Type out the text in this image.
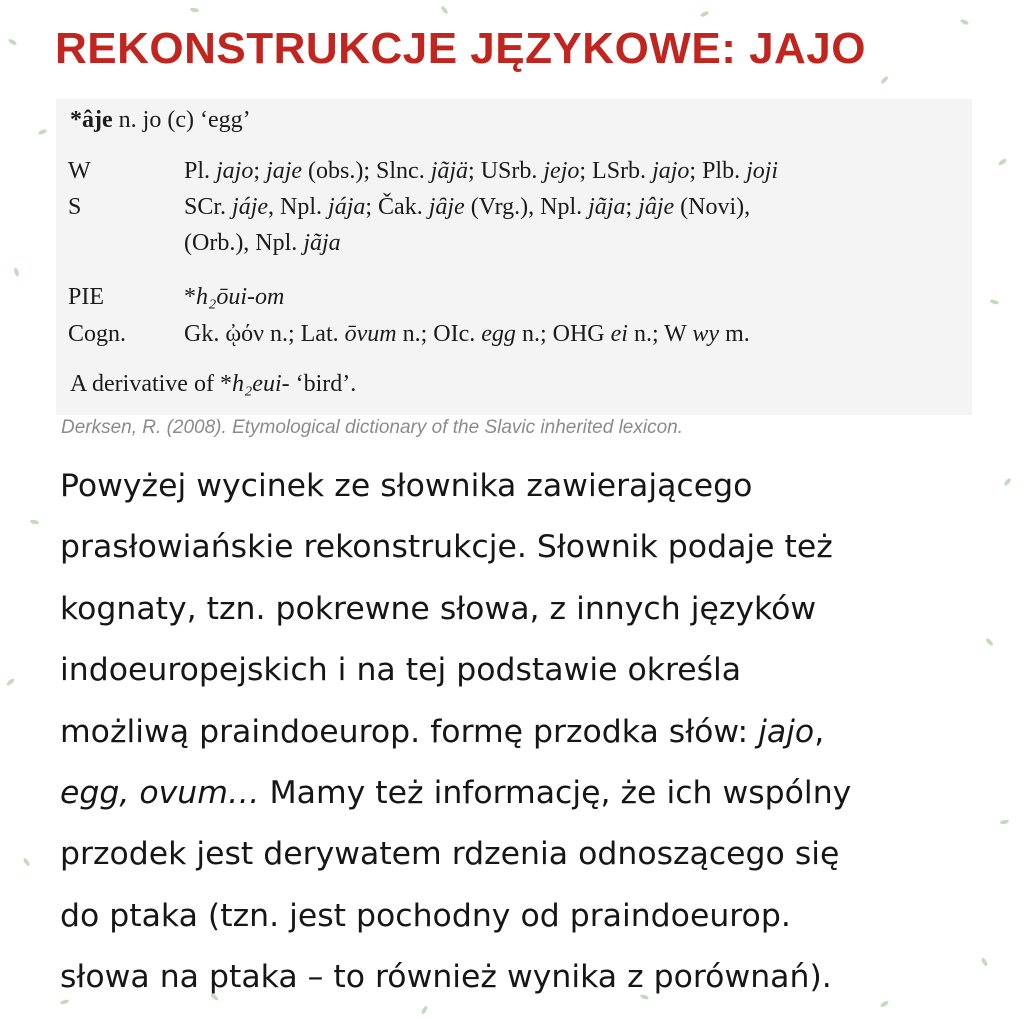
REKONSTRUKCJE JĘZYKOWE: JAJO
*âje n. jo (c) ‘egg’
W	Pl. jajo; jaje (obs.); Slnc. jãjä; USrb. jejo; LSrb. jajo; Plb. joji
S	SCr. jáje, Npl. jája; Čak. jȃje (Vrg.), Npl. jãja; jâje (Novi),
(Orb.), Npl. jãja
PIE	*h₂ōui-om
Cogn. Gk. ᾠόν n.; Lat. ōvum n.; OIc. egg n.; OHG ei n.; W wy m.
A derivative of *h₂eui- ‘bird’.
Derksen, R. (2008). Etymological dictionary of the Slavic inherited lexicon.
Powyżej wycinek ze słownika zawierającego
prasłowiańskie rekonstrukcje. Słownik podaje też
kognaty, tzn. pokrewne słowa, z innych języków
indoeuropejskich i na tej podstawie określa
możliwą praindoeurop. formę przodka słów: jajo,
egg, ovum… Mamy też informację, że ich wspólny
przodek jest derywatem rdzenia odnoszącego się
do ptaka (tzn. jest pochodny od praindoeurop.
słowa na ptaka – to również wynika z porównań).
